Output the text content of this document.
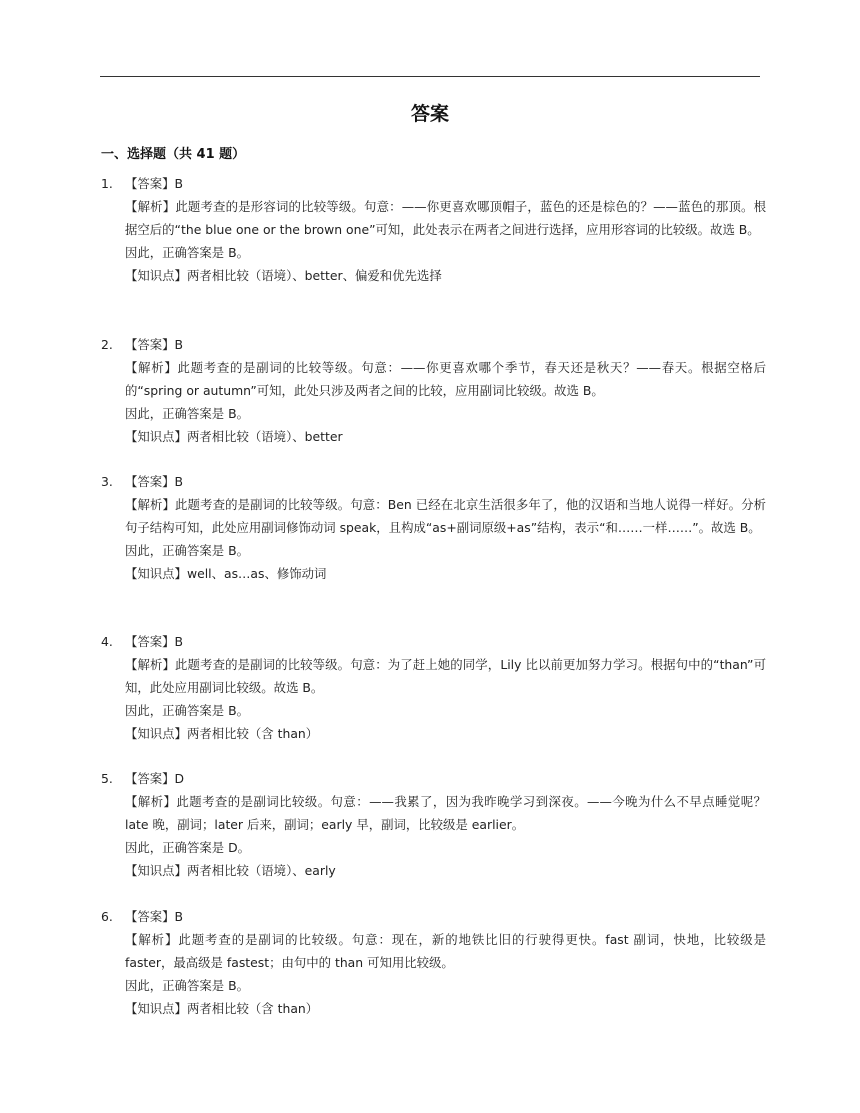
答案
一、选择题（共 41 题）
1. 【答案】B
【解析】此题考查的是形容词的比较等级。句意：——你更喜欢哪顶帽子，蓝色的还是棕色的？——蓝色的那顶。根据空后的“the blue one or the brown one”可知，此处表示在两者之间进行选择，应用形容词的比较级。故选 B。
因此，正确答案是 B。
【知识点】两者相比较（语境）、better、偏爱和优先选择
2. 【答案】B
【解析】此题考查的是副词的比较等级。句意：——你更喜欢哪个季节，春天还是秋天？——春天。根据空格后的“spring or autumn”可知，此处只涉及两者之间的比较，应用副词比较级。故选 B。
因此，正确答案是 B。
【知识点】两者相比较（语境）、better
3. 【答案】B
【解析】此题考查的是副词的比较等级。句意：Ben 已经在北京生活很多年了，他的汉语和当地人说得一样好。分析句子结构可知，此处应用副词修饰动词 speak，且构成“as+副词原级+as”结构，表示“和……一样……”。故选 B。
因此，正确答案是 B。
【知识点】well、as…as、修饰动词
4. 【答案】B
【解析】此题考查的是副词的比较等级。句意：为了赶上她的同学，Lily 比以前更加努力学习。根据句中的“than”可知，此处应用副词比较级。故选 B。
因此，正确答案是 B。
【知识点】两者相比较（含 than）
5. 【答案】D
【解析】此题考查的是副词比较级。句意：——我累了，因为我昨晚学习到深夜。——今晚为什么不早点睡觉呢？late 晚，副词；later 后来，副词；early 早，副词，比较级是 earlier。
因此，正确答案是 D。
【知识点】两者相比较（语境）、early
6. 【答案】B
【解析】此题考查的是副词的比较级。句意：现在，新的地铁比旧的行驶得更快。fast 副词，快地，比较级是 faster，最高级是 fastest；由句中的 than 可知用比较级。
因此，正确答案是 B。
【知识点】两者相比较（含 than）
